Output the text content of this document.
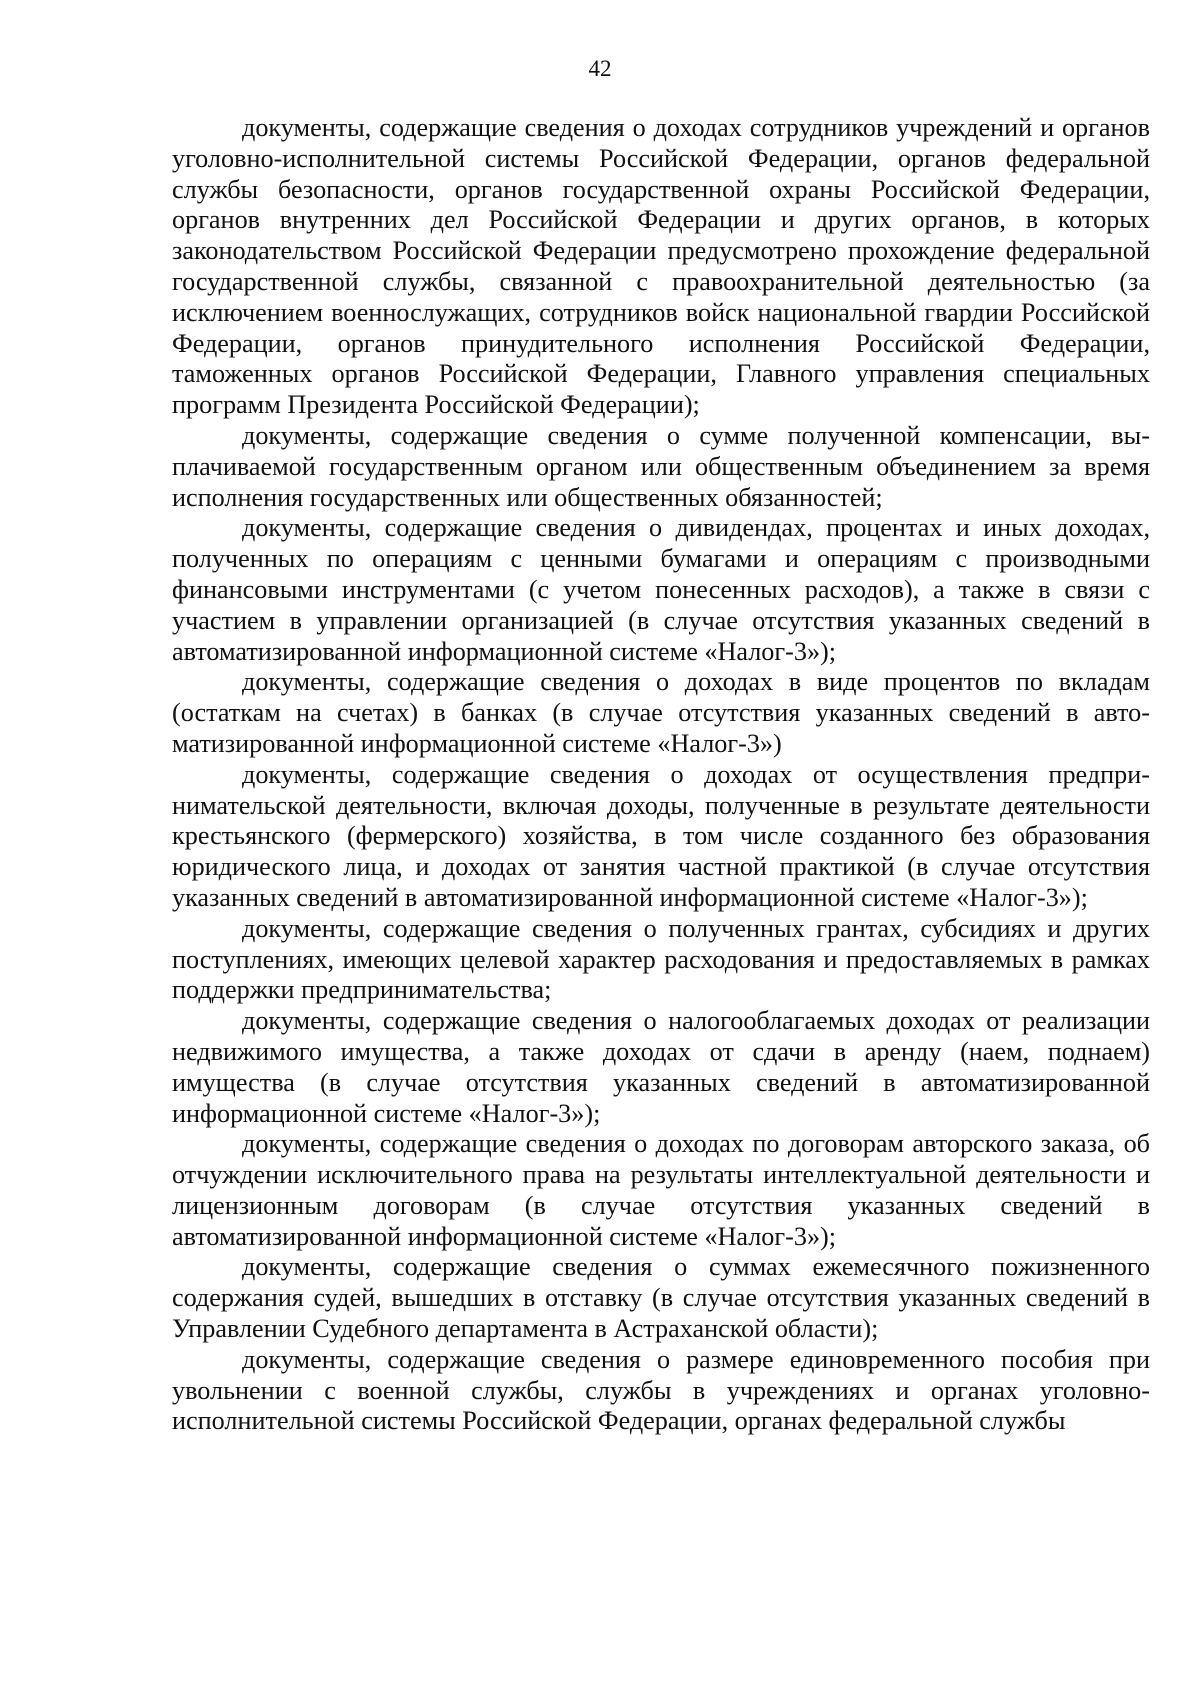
42

документы, содержащие сведения о доходах сотрудников учреждений и органов уголовно-исполнительной системы Российской Федерации, органов федеральной службы безопасности, органов государственной охраны Российской Федерации, органов внутренних дел Российской Федерации и других органов, в которых законодательством Российской Федерации предусмотрено прохождение федеральной государственной службы, связанной с правоохранительной деятельностью (за исключением военнослужащих, сотрудников войск национальной гвардии Российской Федерации, органов принудительного исполнения Российской Федерации, таможенных органов Российской Федерации, Главного управления специальных программ Президента Российской Федерации);

документы, содержащие сведения о сумме полученной компенсации, выплачиваемой государственным органом или общественным объединением за время исполнения государственных или общественных обязанностей;

документы, содержащие сведения о дивидендах, процентах и иных доходах, полученных по операциям с ценными бумагами и операциям с производными финансовыми инструментами (с учетом понесенных расходов), а также в связи с участием в управлении организацией (в случае отсутствия указанных сведений в автоматизированной информационной системе «Налог-3»);

документы, содержащие сведения о доходах в виде процентов по вкладам (остаткам на счетах) в банках (в случае отсутствия указанных сведений в автоматизированной информационной системе «Налог-3»)

документы, содержащие сведения о доходах от осуществления предпринимательской деятельности, включая доходы, полученные в результате деятельности крестьянского (фермерского) хозяйства, в том числе созданного без образования юридического лица, и доходах от занятия частной практикой (в случае отсутствия указанных сведений в автоматизированной информационной системе «Налог-3»);

документы, содержащие сведения о полученных грантах, субсидиях и других поступлениях, имеющих целевой характер расходования и предоставляемых в рамках поддержки предпринимательства;

документы, содержащие сведения о налогооблагаемых доходах от реализации недвижимого имущества, а также доходах от сдачи в аренду (наем, поднаем) имущества (в случае отсутствия указанных сведений в автоматизированной информационной системе «Налог-3»);

документы, содержащие сведения о доходах по договорам авторского заказа, об отчуждении исключительного права на результаты интеллектуальной деятельности и лицензионным договорам (в случае отсутствия указанных сведений в автоматизированной информационной системе «Налог-3»);

документы, содержащие сведения о суммах ежемесячного пожизненного содержания судей, вышедших в отставку (в случае отсутствия указанных сведений в Управлении Судебного департамента в Астраханской области);

документы, содержащие сведения о размере единовременного пособия при увольнении с военной службы, службы в учреждениях и органах уголовно-исполнительной системы Российской Федерации, органах федеральной службы
